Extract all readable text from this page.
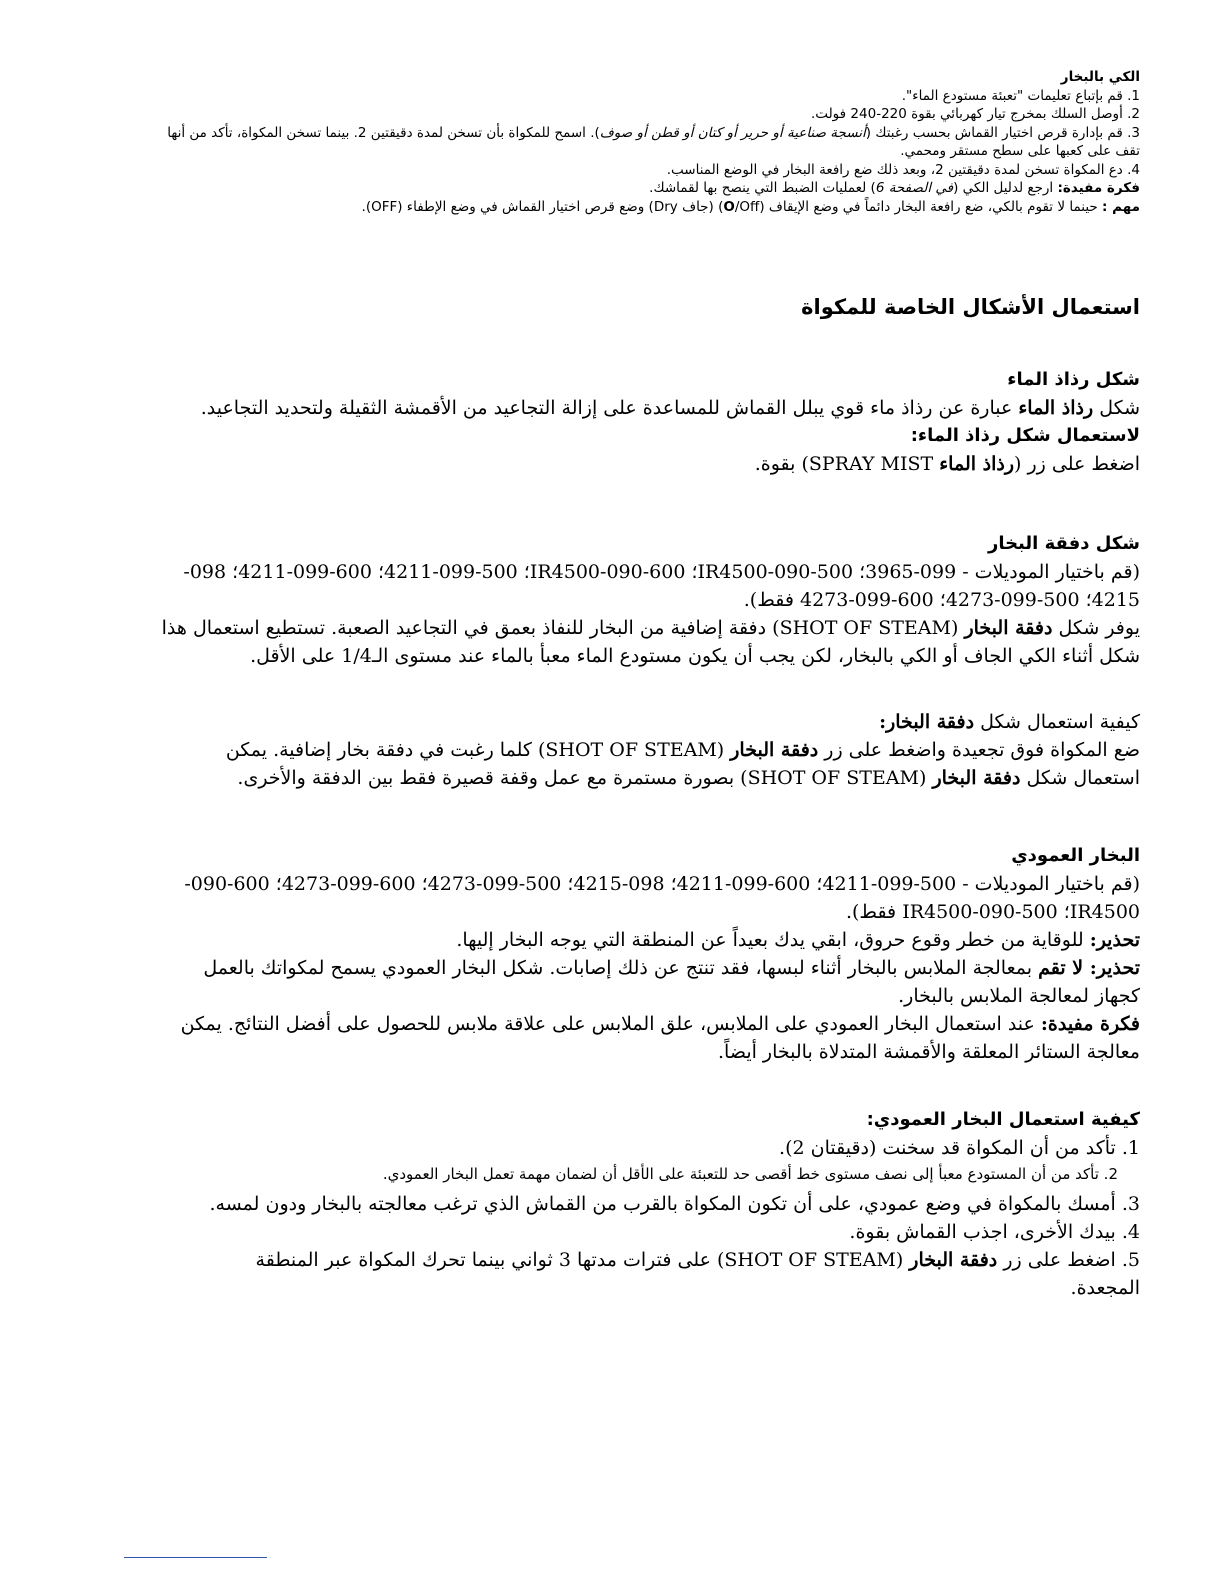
الكي بالبخار

1. قم بإتباع تعليمات "تعبئة مستودع الماء".

2. أوصل السلك بمخرج تيار كهربائي بقوة 220-240 فولت.

3. قم بإدارة قرص اختيار القماش بحسب رغبتك (أنسجة صناعية أو حرير أو كتان أو قطن أو صوف). اسمح للمكواة بأن تسخن لمدة دقيقتين 2. بينما تسخن المكواة، تأكد من أنها تقف على كعبها على سطح مستقر ومحمي.

4. دع المكواة تسخن لمدة دقيقتين 2، وبعد ذلك ضع رافعة البخار في الوضع المناسب.

فكرة مفيدة: ارجع لدليل الكي (في الصفحة 6) لعمليات الضبط التي ينصح بها لقماشك.

مهم : حينما لا تقوم بالكي، ضع رافعة البخار دائماً في وضع الإيقاف (O/Off) (جاف Dry) وضع قرص اختيار القماش في وضع الإطفاء (OFF).

استعمال الأشكال الخاصة للمكواة

شكل رذاذ الماء

شكل رذاذ الماء عبارة عن رذاذ ماء قوي يبلل القماش للمساعدة على إزالة التجاعيد من الأقمشة الثقيلة ولتحديد التجاعيد.

لاستعمال شكل رذاذ الماء:

اضغط على زر (رذاذ الماء SPRAY MIST) بقوة.

شكل دفقة البخار

(قم باختيار الموديلات - 099-3965؛ 500-090-IR4500؛ 600-090-IR4500؛ 500-099-4211؛ 600-099-4211؛ 098-4215؛ 500-099-4273؛ 600-099-4273 فقط).

يوفر شكل دفقة البخار (SHOT OF STEAM) دفقة إضافية من البخار للنفاذ بعمق في التجاعيد الصعبة. تستطيع استعمال هذا شكل أثناء الكي الجاف أو الكي بالبخار، لكن يجب أن يكون مستودع الماء معبأ بالماء عند مستوى الـ1/4 على الأقل.

كيفية استعمال شكل دفقة البخار:

ضع المكواة فوق تجعيدة واضغط على زر دفقة البخار (SHOT OF STEAM) كلما رغبت في دفقة بخار إضافية. يمكن استعمال شكل دفقة البخار (SHOT OF STEAM) بصورة مستمرة مع عمل وقفة قصيرة فقط بين الدفقة والأخرى.

البخار العمودي

(قم باختيار الموديلات - 500-099-4211؛ 600-099-4211؛ 098-4215؛ 500-099-4273؛ 600-099-4273؛ 600-090-IR4500؛ 500-090-IR4500 فقط).

تحذير: للوقاية من خطر وقوع حروق، ابقي يدك بعيداً عن المنطقة التي يوجه البخار إليها.

تحذير: لا تقم بمعالجة الملابس بالبخار أثناء لبسها، فقد تنتج عن ذلك إصابات. شكل البخار العمودي يسمح لمكواتك بالعمل كجهاز لمعالجة الملابس بالبخار.

فكرة مفيدة: عند استعمال البخار العمودي على الملابس، علق الملابس على علاقة ملابس للحصول على أفضل النتائج. يمكن معالجة الستائر المعلقة والأقمشة المتدلاة بالبخار أيضاً.

كيفية استعمال البخار العمودي:

1. تأكد من أن المكواة قد سخنت (دقيقتان 2).
2. تأكد من أن المستودع معبأ إلى نصف مستوى خط أقصى حد للتعبئة على الأقل أن لضمان مهمة تعمل البخار العمودي.
3. أمسك بالمكواة في وضع عمودي، على أن تكون المكواة بالقرب من القماش الذي ترغب معالجته بالبخار ودون لمسه.
4. بيدك الأخرى، اجذب القماش بقوة.
5. اضغط على زر دفقة البخار (SHOT OF STEAM) على فترات مدتها 3 ثواني بينما تحرك المكواة عبر المنطقة المجعدة.
